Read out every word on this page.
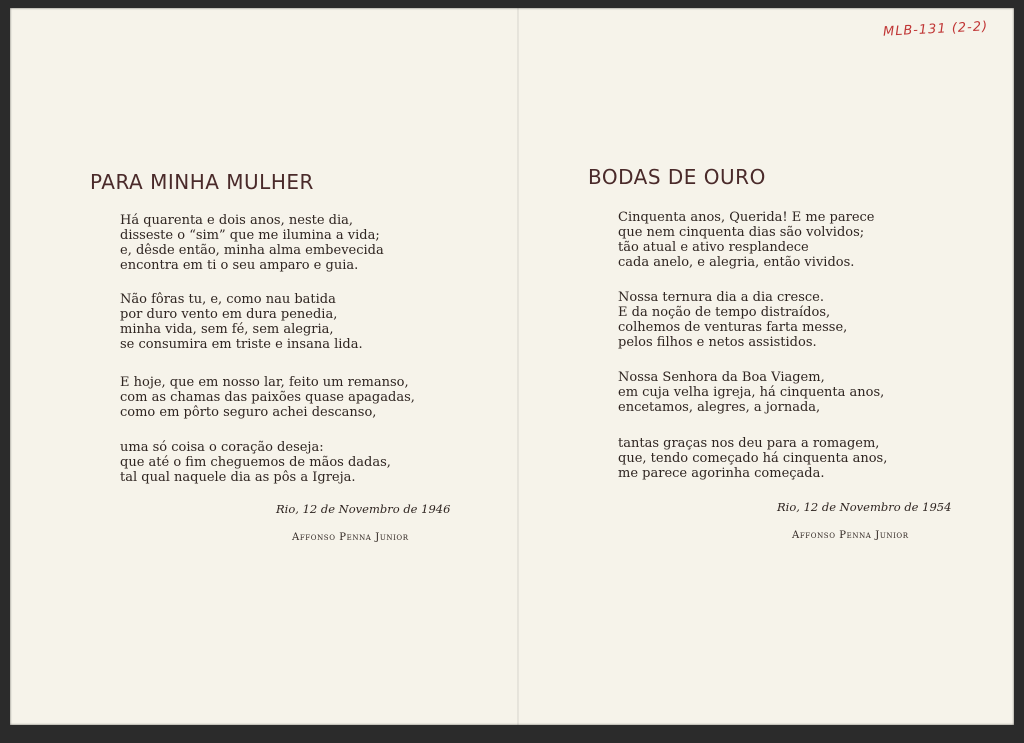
MLB-131 (2-2)
PARA MINHA MULHER
Há quarenta e dois anos, neste dia,
disseste o “sim” que me ilumina a vida;
e, dêsde então, minha alma embevecida
encontra em ti o seu amparo e guia.
Não fôras tu, e, como nau batida
por duro vento em dura penedia,
minha vida, sem fé, sem alegria,
se consumira em triste e insana lida.
E hoje, que em nosso lar, feito um remanso,
com as chamas das paixões quase apagadas,
como em pôrto seguro achei descanso,
uma só coisa o coração deseja:
que até o fim cheguemos de mãos dadas,
tal qual naquele dia as pôs a Igreja.
Rio, 12 de Novembro de 1946
Affonso Penna Junior
BODAS DE OURO
Cinquenta anos, Querida! E me parece
que nem cinquenta dias são volvidos;
tão atual e ativo resplandece
cada anelo, e alegria, então vividos.
Nossa ternura dia a dia cresce.
E da noção de tempo distraídos,
colhemos de venturas farta messe,
pelos filhos e netos assistidos.
Nossa Senhora da Boa Viagem,
em cuja velha igreja, há cinquenta anos,
encetamos, alegres, a jornada,
tantas graças nos deu para a romagem,
que, tendo começado há cinquenta anos,
me parece agorinha começada.
Rio, 12 de Novembro de 1954
Affonso Penna Junior
